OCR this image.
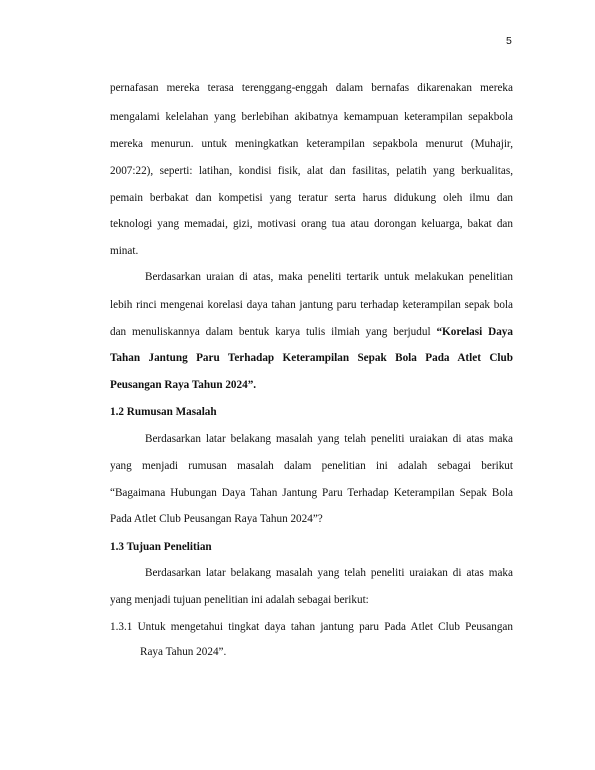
5
pernafasan mereka terasa terenggang-enggah dalam bernafas dikarenakan mereka
mengalami kelelahan yang berlebihan akibatnya kemampuan keterampilan sepakbola
mereka menurun. untuk meningkatkan keterampilan sepakbola menurut (Muhajir,
2007:22), seperti: latihan, kondisi fisik, alat dan fasilitas, pelatih yang berkualitas,
pemain berbakat dan kompetisi yang teratur serta harus didukung oleh ilmu dan
teknologi yang memadai, gizi, motivasi orang tua atau dorongan keluarga, bakat dan
minat.
Berdasarkan uraian di atas, maka peneliti tertarik untuk melakukan penelitian
lebih rinci mengenai korelasi daya tahan jantung paru terhadap keterampilan sepak bola
dan menuliskannya dalam bentuk karya tulis ilmiah yang berjudul “Korelasi Daya
Tahan Jantung Paru Terhadap Keterampilan Sepak Bola Pada Atlet Club
Peusangan Raya Tahun 2024”.
1.2 Rumusan Masalah
Berdasarkan latar belakang masalah yang telah peneliti uraiakan di atas maka
yang menjadi rumusan masalah dalam penelitian ini adalah sebagai berikut
“Bagaimana Hubungan Daya Tahan Jantung Paru Terhadap Keterampilan Sepak Bola
Pada Atlet Club Peusangan Raya Tahun 2024”?
1.3 Tujuan Penelitian
Berdasarkan latar belakang masalah yang telah peneliti uraiakan di atas maka
yang menjadi tujuan penelitian ini adalah sebagai berikut:
1.3.1 Untuk mengetahui tingkat daya tahan jantung paru Pada Atlet Club Peusangan
Raya Tahun 2024”.
